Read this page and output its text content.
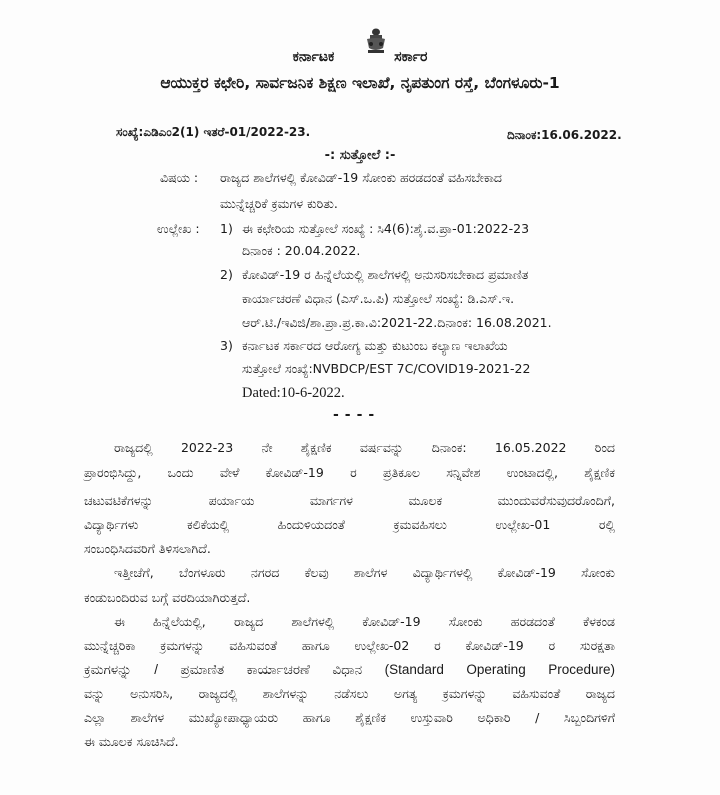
ಕರ್ನಾಟಕ	ಸರ್ಕಾರ
ಆಯುಕ್ತರ ಕಛೇರಿ, ಸಾರ್ವಜನಿಕ ಶಿಕ್ಷಣ ಇಲಾಖೆ, ನೃಪತುಂಗ ರಸ್ತೆ, ಬೆಂಗಳೂರು-1
ಸಂಖ್ಯೆ:ಎಡಿಎಂ2(1) ಇತರೆ-01/2022-23.	ದಿನಾಂಕ:16.06.2022.
-: ಸುತ್ತೋಲೆ :-
ವಿಷಯ : ರಾಜ್ಯದ ಶಾಲೆಗಳಲ್ಲಿ ಕೋವಿಡ್-19 ಸೋಂಕು ಹರಡದಂತೆ ವಹಿಸಬೇಕಾದ
ಮುನ್ನೆಚ್ಚರಿಕೆ ಕ್ರಮಗಳ ಕುರಿತು.
ಉಲ್ಲೇಖ : 1) ಈ ಕಛೇರಿಯ ಸುತ್ತೋಲೆ ಸಂಖ್ಯೆ : ಸಿ4(6):ಶೈ.ವ.ಪ್ರಾ-01:2022-23
ದಿನಾಂಕ : 20.04.2022.
2) ಕೋವಿಡ್-19 ರ ಹಿನ್ನೆಲೆಯಲ್ಲಿ ಶಾಲೆಗಳಲ್ಲಿ ಅನುಸರಿಸಬೇಕಾದ ಪ್ರಮಾಣಿತ
ಕಾರ್ಯಾಚರಣೆ ವಿಧಾನ (ಎಸ್.ಒ.ಪಿ) ಸುತ್ತೋಲೆ ಸಂಖ್ಯೆ: ಡಿ.ಎಸ್.ಇ.
ಆರ್.ಟಿ./ಇವಿಜಿ/ಶಾ.ಪ್ರಾ.ಪ್ರ.ಕಾ.ವಿ:2021-22.ದಿನಾಂಕ: 16.08.2021.
3) ಕರ್ನಾಟಕ ಸರ್ಕಾರದ ಆರೋಗ್ಯ ಮತ್ತು ಕುಟುಂಬ ಕಲ್ಯಾಣ ಇಲಾಖೆಯ
ಸುತ್ತೋಲೆ ಸಂಖ್ಯೆ:NVBDCP/EST 7C/COVID19-2021-22
Dated:10-6-2022.
----
ರಾಜ್ಯದಲ್ಲಿ 2022-23 ನೇ ಶೈಕ್ಷಣಿಕ ವರ್ಷವನ್ನು ದಿನಾಂಕ: 16.05.2022 ರಿಂದ
ಪ್ರಾರಂಭಿಸಿದ್ದು, ಒಂದು ವೇಳೆ ಕೋವಿಡ್-19 ರ ಪ್ರತಿಕೂಲ ಸನ್ನಿವೇಶ ಉಂಟಾದಲ್ಲಿ, ಶೈಕ್ಷಣಿಕ
ಚಟುವಟಿಕೆಗಳನ್ನು ಪರ್ಯಾಯ ಮಾರ್ಗಗಳ ಮೂಲಕ ಮುಂದುವರೆಸುವುದರೊಂದಿಗೆ,
ವಿದ್ಯಾರ್ಥಿಗಳು ಕಲಿಕೆಯಲ್ಲಿ ಹಿಂದುಳಿಯದಂತೆ ಕ್ರಮವಹಿಸಲು ಉಲ್ಲೇಖ-01 ರಲ್ಲಿ
ಸಂಬಂಧಿಸಿದವರಿಗೆ ತಿಳಿಸಲಾಗಿದೆ.
ಇತ್ತೀಚೆಗೆ, ಬೆಂಗಳೂರು ನಗರದ ಕೆಲವು ಶಾಲೆಗಳ ವಿದ್ಯಾರ್ಥಿಗಳಲ್ಲಿ ಕೋವಿಡ್-19 ಸೋಂಕು
ಕಂಡುಬಂದಿರುವ ಬಗ್ಗೆ ವರದಿಯಾಗಿರುತ್ತದೆ.
ಈ ಹಿನ್ನೆಲೆಯಲ್ಲಿ, ರಾಜ್ಯದ ಶಾಲೆಗಳಲ್ಲಿ ಕೋವಿಡ್-19 ಸೋಂಕು ಹರಡದಂತೆ ಕೆಳಕಂಡ
ಮುನ್ನೆಚ್ಚರಿಕಾ ಕ್ರಮಗಳನ್ನು ವಹಿಸುವಂತೆ ಹಾಗೂ ಉಲ್ಲೇಖ-02 ರ ಕೋವಿಡ್-19 ರ ಸುರಕ್ಷತಾ
ಕ್ರಮಗಳನ್ನು / ಪ್ರಮಾಣಿತ ಕಾರ್ಯಾಚರಣೆ ವಿಧಾನ (Standard Operating Procedure)
ವನ್ನು ಅನುಸರಿಸಿ, ರಾಜ್ಯದಲ್ಲಿ ಶಾಲೆಗಳನ್ನು ನಡೆಸಲು ಅಗತ್ಯ ಕ್ರಮಗಳನ್ನು ವಹಿಸುವಂತೆ ರಾಜ್ಯದ
ಎಲ್ಲಾ ಶಾಲೆಗಳ ಮುಖ್ಯೋಪಾಧ್ಯಾಯರು ಹಾಗೂ ಶೈಕ್ಷಣಿಕ ಉಸ್ತುವಾರಿ ಅಧಿಕಾರಿ / ಸಿಬ್ಬಂದಿಗಳಿಗೆ
ಈ ಮೂಲಕ ಸೂಚಿಸಿದೆ.
